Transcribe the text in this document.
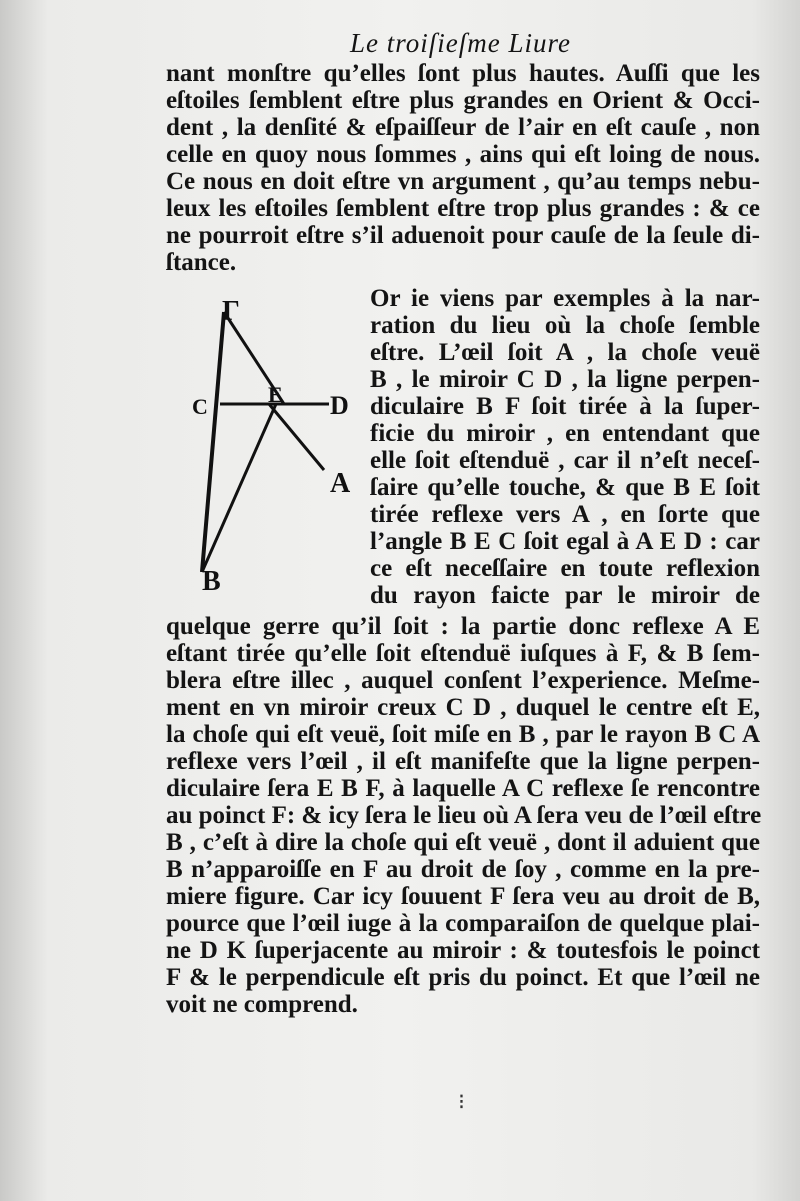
Le troiſieſme Liure
nant monſtre qu’elles ſont plus hautes. Auſſi que les
eſtoiles ſemblent eſtre plus grandes en Orient & Occi-
dent , la denſité & eſpaiſſeur de l’air en eſt cauſe , non
celle en quoy nous ſommes , ains qui eſt loing de nous.
Ce nous en doit eſtre vn argument , qu’au temps nebu-
leux les eſtoiles ſemblent eſtre trop plus grandes : & ce
ne pourroit eſtre s’il aduenoit pour cauſe de la ſeule di-
ſtance.
Γ
C	E D
A
B
Or ie viens par exemples à la nar-
ration du lieu où la choſe ſemble
eſtre. L’œil ſoit A , la choſe veuë
B , le miroir C D , la ligne perpen-
diculaire B F ſoit tirée à la ſuper-
ficie du miroir , en entendant que
elle ſoit eſtenduë , car il n’eſt neceſ-
ſaire qu’elle touche, & que B E ſoit
tirée reflexe vers A , en ſorte que
l’angle B E C ſoit egal à A E D : car
ce eſt neceſſaire en toute reflexion
du rayon faicte par le miroir de
quelque gerre qu’il ſoit : la partie donc reflexe A E
eſtant tirée qu’elle ſoit eſtenduë iuſques à F, & B ſem-
blera eſtre illec , auquel conſent l’experience. Meſme-
ment en vn miroir creux C D , duquel le centre eſt E,
la choſe qui eſt veuë, ſoit miſe en B , par le rayon B C A
reflexe vers l’œil , il eſt manifeſte que la ligne perpen-
diculaire ſera E B F, à laquelle A C reflexe ſe rencontre
au poinct F: & icy ſera le lieu où A ſera veu de l’œil eſtre
B , c’eſt à dire la choſe qui eſt veuë , dont il aduient que
B n’apparoiſſe en F au droit de ſoy , comme en la pre-
miere figure. Car icy ſouuent F ſera veu au droit de B,
pource que l’œil iuge à la comparaiſon de quelque plai-
ne D K ſuperjacente au miroir : & toutesfois le poinct
F & le perpendicule eſt pris du poinct. Et que l’œil ne
voit ne comprend.
⁝
